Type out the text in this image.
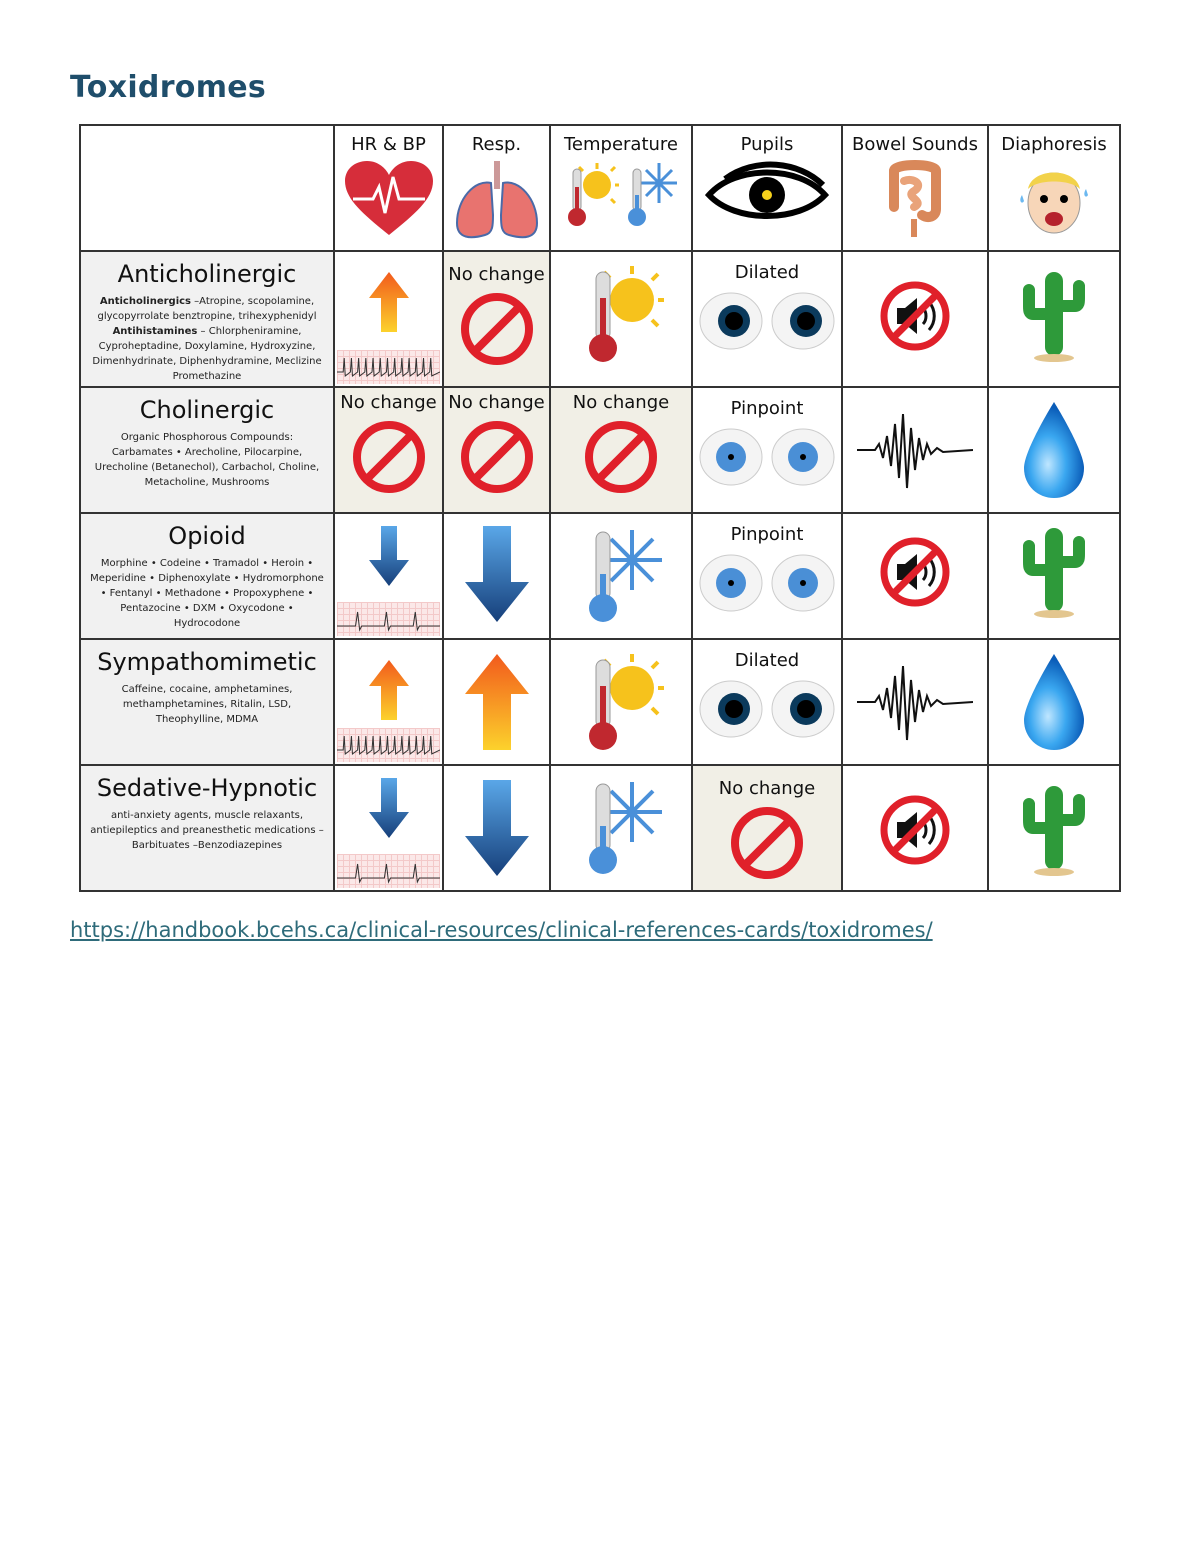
Toxidromes

	HR & BP	Resp.	Temperature	Pupils	Bowel Sounds	Diaphoresis

Anticholinergic
Anticholinergics –Atropine, scopolamine, glycopyrrolate benztropine, trihexyphenidyl
Antihistamines – Chlorpheniramine, Cyproheptadine, Doxylamine, Hydroxyzine, Dimenhydrinate, Diphenhydramine, Meclizine Promethazine		No change		Dilated

Cholinergic
Organic Phosphorous Compounds: Carbamates • Arecholine, Pilocarpine, Urecholine (Betanechol), Carbachol, Choline, Metacholine, Mushrooms	No change	No change	No change	Pinpoint

Opioid
Morphine • Codeine • Tramadol • Heroin • Meperidine • Diphenoxylate • Hydromorphone • Fentanyl • Methadone • Propoxyphene • Pentazocine • DXM • Oxycodone • Hydrocodone				Pinpoint

Sympathomimetic
Caffeine, cocaine, amphetamines, methamphetamines, Ritalin, LSD, Theophylline, MDMA				Dilated

Sedative-Hypnotic
anti-anxiety agents, muscle relaxants, antiepileptics and preanesthetic medications –Barbituates –Benzodiazepines				No change

https://handbook.bcehs.ca/clinical-resources/clinical-references-cards/toxidromes/
